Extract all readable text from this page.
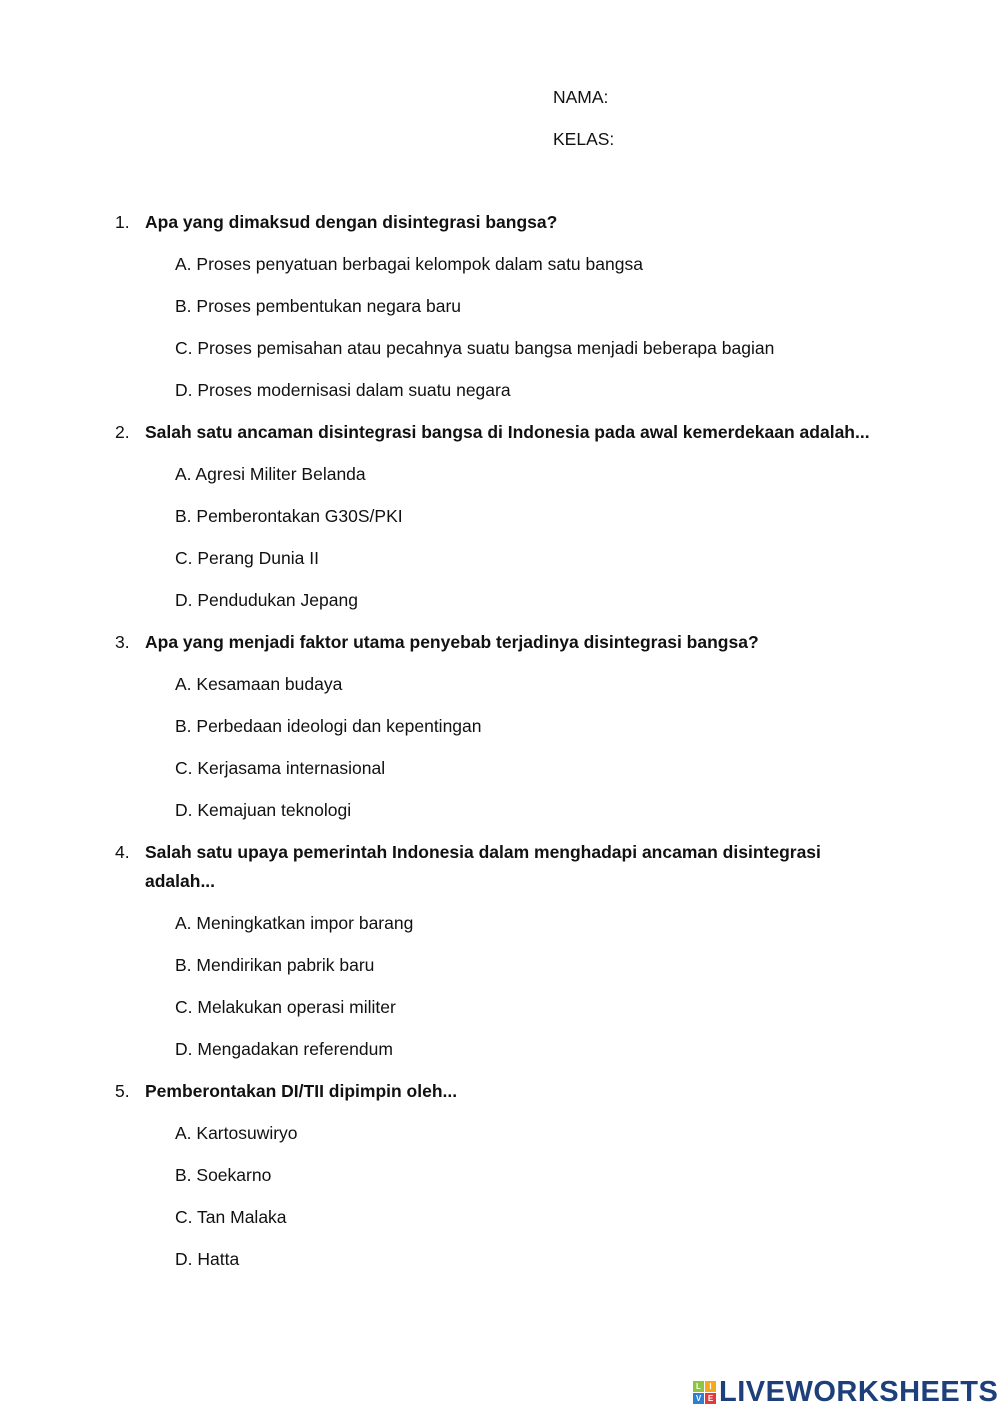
NAMA:
KELAS:
1. Apa yang dimaksud dengan disintegrasi bangsa?
A. Proses penyatuan berbagai kelompok dalam satu bangsa
B. Proses pembentukan negara baru
C. Proses pemisahan atau pecahnya suatu bangsa menjadi beberapa bagian
D. Proses modernisasi dalam suatu negara
2. Salah satu ancaman disintegrasi bangsa di Indonesia pada awal kemerdekaan adalah...
A. Agresi Militer Belanda
B. Pemberontakan G30S/PKI
C. Perang Dunia II
D. Pendudukan Jepang
3. Apa yang menjadi faktor utama penyebab terjadinya disintegrasi bangsa?
A. Kesamaan budaya
B. Perbedaan ideologi dan kepentingan
C. Kerjasama internasional
D. Kemajuan teknologi
4. Salah satu upaya pemerintah Indonesia dalam menghadapi ancaman disintegrasi adalah...
A. Meningkatkan impor barang
B. Mendirikan pabrik baru
C. Melakukan operasi militer
D. Mengadakan referendum
5. Pemberontakan DI/TII dipimpin oleh...
A. Kartosuwiryo
B. Soekarno
C. Tan Malaka
D. Hatta
L	I
V E LIVEWORKSHEETS
